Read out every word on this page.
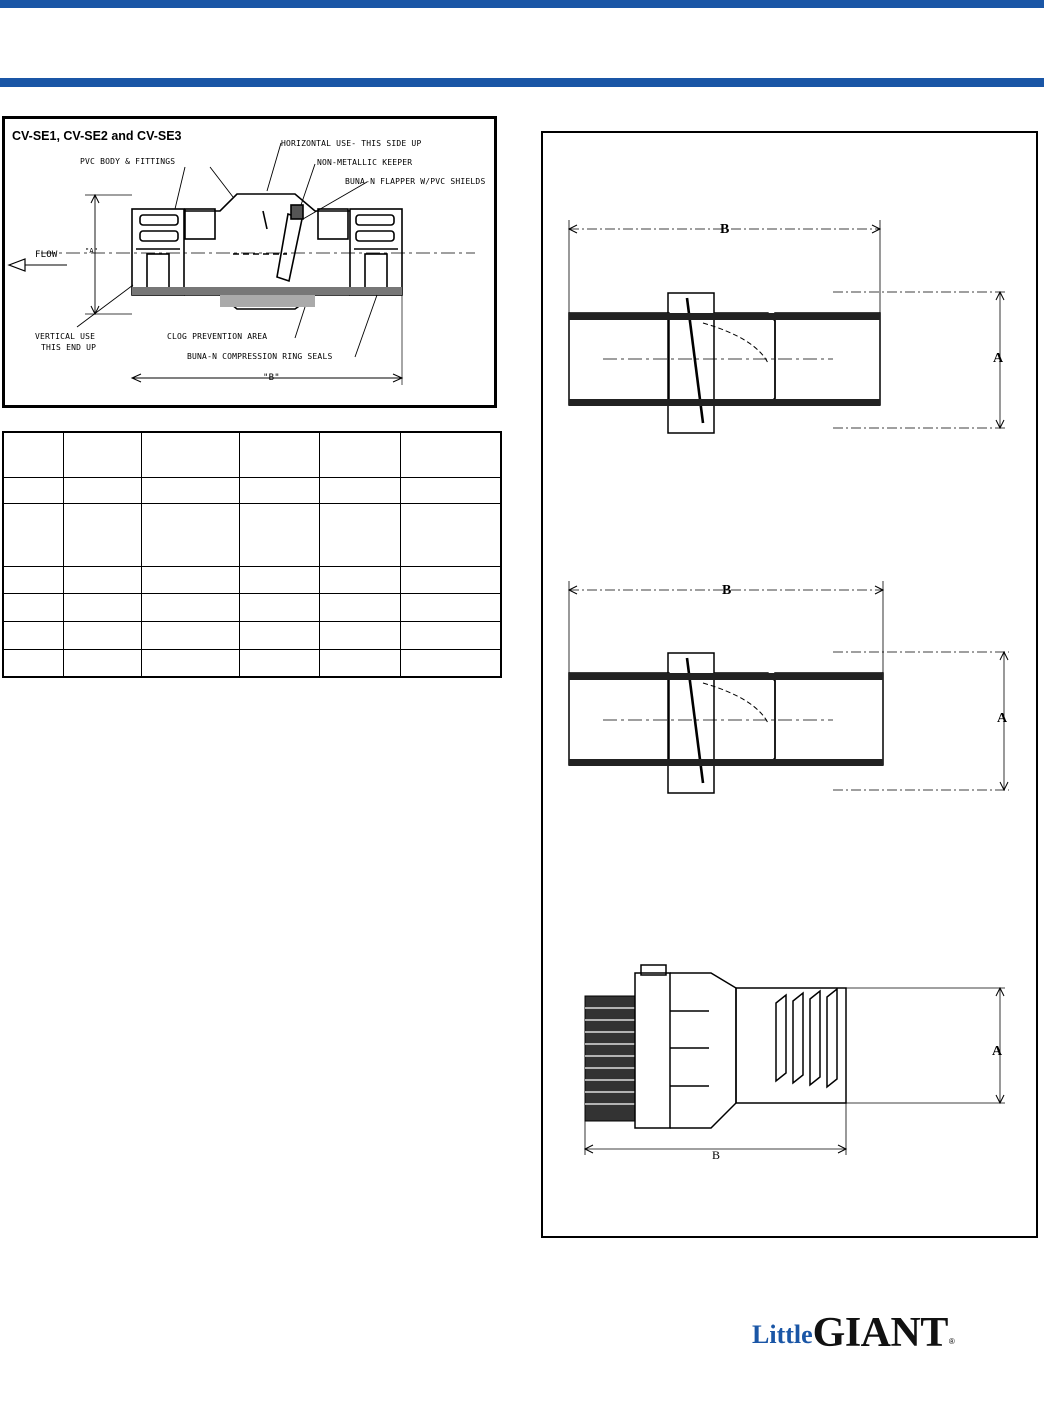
CV-SE1, CV-SE2 and CV-SE3
PVC BODY & FITTINGS
HORIZONTAL USE- THIS SIDE UP
NON-METALLIC KEEPER
BUNA-N FLAPPER W/PVC SHIELDS
FLOW	"A"
VERTICAL USE
THIS END UP
CLOG PREVENTION AREA
BUNA-N COMPRESSION RING SEALS
"B"

B
A
B
A
A
B
Little GIANT ®
